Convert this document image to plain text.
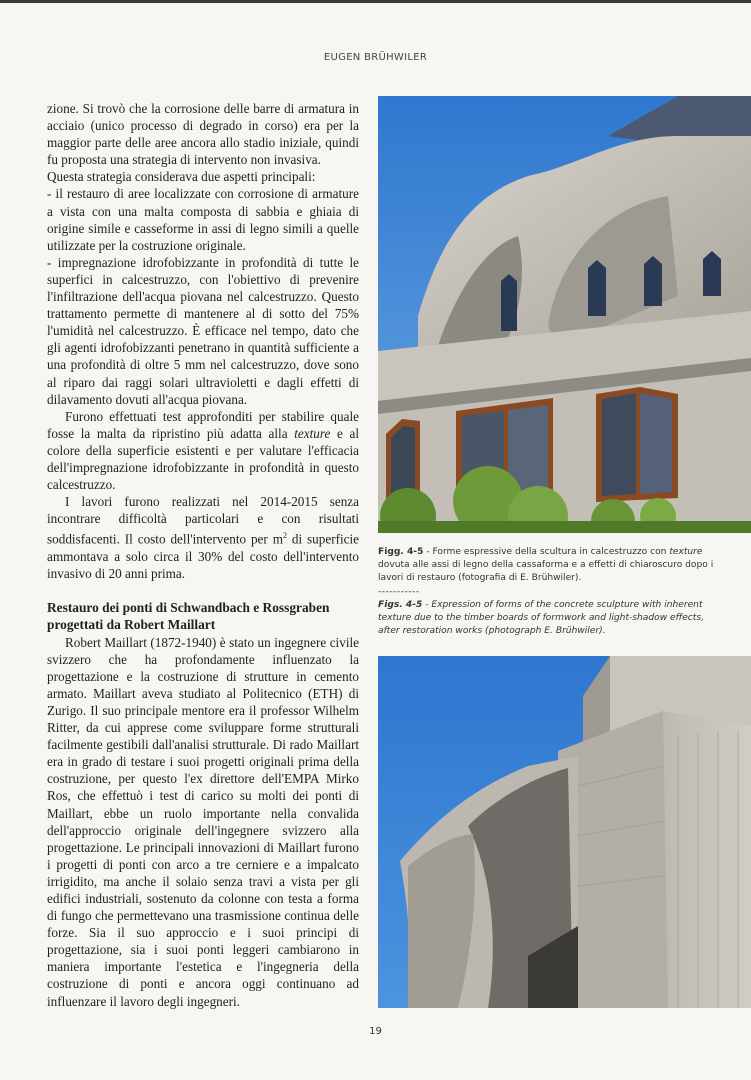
EUGEN BRÜHWILER

zione. Si trovò che la corrosione delle barre di armatura in acciaio (unico processo di degrado in corso) era per la maggior parte delle aree ancora allo stadio iniziale, quindi fu proposta una strategia di intervento non invasiva.

Questa strategia considerava due aspetti principali:

- il restauro di aree localizzate con corrosione di armature a vista con una malta composta di sabbia e ghiaia di origine simile e casseforme in assi di legno simili a quelle utilizzate per la costruzione originale.

- impregnazione idrofobizzante in profondità di tutte le superfici in calcestruzzo, con l'obiettivo di prevenire l'infiltrazione dell'acqua piovana nel calcestruzzo. Questo trattamento permette di mantenere al di sotto del 75% l'umidità nel calcestruzzo. È efficace nel tempo, dato che gli agenti idrofobizzanti penetrano in quantità sufficiente a una profondità di oltre 5 mm nel calcestruzzo, dove sono al riparo dai raggi solari ultravioletti e dagli effetti di dilavamento dovuti all'acqua piovana.

Furono effettuati test approfonditi per stabilire quale fosse la malta da ripristino più adatta alla texture e al colore della superficie esistenti e per valutare l'efficacia dell'impregnazione idrofobizzante in profondità in questo calcestruzzo.

I lavori furono realizzati nel 2014-2015 senza incontrare difficoltà particolari e con risultati soddisfacenti. Il costo dell'intervento per $m^2$ di superficie ammontava a solo circa il 30% del costo dell'intervento invasivo di 20 anni prima.

Restauro dei ponti di Schwandbach e Rossgraben progettati da Robert Maillart

Robert Maillart (1872-1940) è stato un ingegnere civile svizzero che ha profondamente influenzato la progettazione e la costruzione di strutture in cemento armato. Maillart aveva studiato al Politecnico (ETH) di Zurigo. Il suo principale mentore era il professor Wilhelm Ritter, da cui apprese come sviluppare forme strutturali facilmente gestibili dall'analisi strutturale. Di rado Maillart era in grado di testare i suoi progetti originali prima della costruzione, per questo l'ex direttore dell'EMPA Mirko Ros, che effettuò i test di carico su molti dei ponti di Maillart, ebbe un ruolo importante nella convalida dell'approccio originale dell'ingegnere svizzero alla progettazione. Le principali innovazioni di Maillart furono i progetti di ponti con arco a tre cerniere e a impalcato irrigidito, ma anche il solaio senza travi a vista per gli edifici industriali, sostenuto da colonne con testa a forma di fungo che permettevano una trasmissione continua delle forze. Sia il suo approccio e i suoi principi di progettazione, sia i suoi ponti leggeri cambiarono in maniera importante l'estetica e l'ingegneria della costruzione di ponti e ancora oggi continuano ad influenzare il lavoro degli ingegneri.

Figg. 4-5 - Forme espressive della scultura in calcestruzzo con texture dovuta alle assi di legno della cassaforma e a effetti di chiaroscuro dopo i lavori di restauro (fotografia di E. Brühwiler).
-----------
Figs. 4-5 - Expression of forms of the concrete sculpture with inherent texture due to the timber boards of formwork and light-shadow effects, after restoration works (photograph E. Brühwiler).
19
